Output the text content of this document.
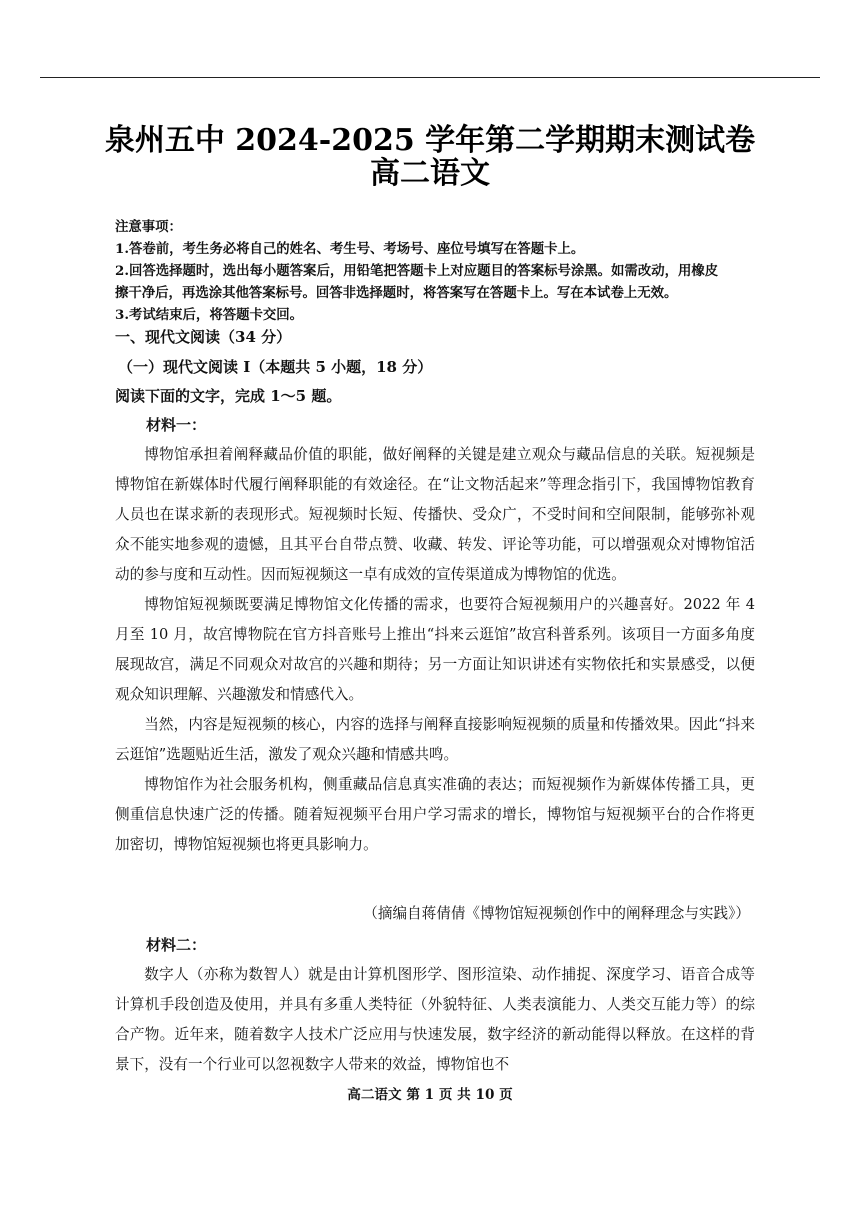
泉州五中 2024-2025 学年第二学期期末测试卷
高二语文
注意事项：
1.答卷前，考生务必将自己的姓名、考生号、考场号、座位号填写在答题卡上。
2.回答选择题时，选出每小题答案后，用铅笔把答题卡上对应题目的答案标号涂黑。如需改动，用橡皮
擦干净后，再选涂其他答案标号。回答非选择题时，将答案写在答题卡上。写在本试卷上无效。
3.考试结束后，将答题卡交回。
一、现代文阅读（34 分）
（一）现代文阅读 I（本题共 5 小题，18 分）
阅读下面的文字，完成 1～5 题。
材料一：

博物馆承担着阐释藏品价值的职能，做好阐释的关键是建立观众与藏品信息的关联。短视频是博物馆在新媒体时代履行阐释职能的有效途径。在“让文物活起来”等理念指引下，我国博物馆教育人员也在谋求新的表现形式。短视频时长短、传播快、受众广，不受时间和空间限制，能够弥补观众不能实地参观的遗憾，且其平台自带点赞、收藏、转发、评论等功能，可以增强观众对博物馆活动的参与度和互动性。因而短视频这一卓有成效的宣传渠道成为博物馆的优选。

博物馆短视频既要满足博物馆文化传播的需求，也要符合短视频用户的兴趣喜好。2022 年 4 月至 10 月，故宫博物院在官方抖音账号上推出“抖来云逛馆”故宫科普系列。该项目一方面多角度展现故宫，满足不同观众对故宫的兴趣和期待；另一方面让知识讲述有实物依托和实景感受，以便观众知识理解、兴趣激发和情感代入。

当然，内容是短视频的核心，内容的选择与阐释直接影响短视频的质量和传播效果。因此“抖来云逛馆”选题贴近生活，激发了观众兴趣和情感共鸣。

博物馆作为社会服务机构，侧重藏品信息真实准确的表达；而短视频作为新媒体传播工具，更侧重信息快速广泛的传播。随着短视频平台用户学习需求的增长，博物馆与短视频平台的合作将更加密切，博物馆短视频也将更具影响力。

（摘编自蒋倩倩《博物馆短视频创作中的阐释理念与实践》）
材料二：

数字人（亦称为数智人）就是由计算机图形学、图形渲染、动作捕捉、深度学习、语音合成等计算机手段创造及使用，并具有多重人类特征（外貌特征、人类表演能力、人类交互能力等）的综合产物。近年来，随着数字人技术广泛应用与快速发展，数字经济的新动能得以释放。在这样的背景下，没有一个行业可以忽视数字人带来的效益，博物馆也不

高二语文 第 1 页 共 10 页
